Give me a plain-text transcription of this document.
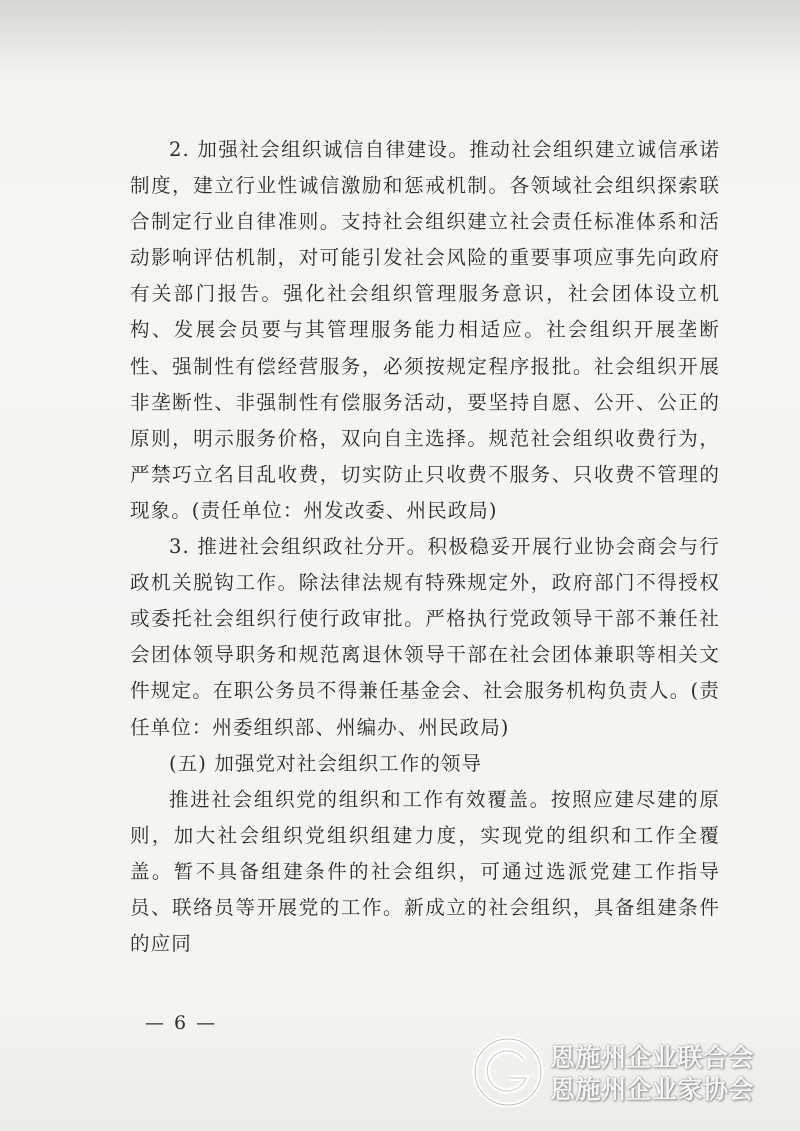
2. 加强社会组织诚信自律建设。推动社会组织建立诚信承诺制度，建立行业性诚信激励和惩戒机制。各领域社会组织探索联合制定行业自律准则。支持社会组织建立社会责任标准体系和活动影响评估机制，对可能引发社会风险的重要事项应事先向政府有关部门报告。强化社会组织管理服务意识，社会团体设立机构、发展会员要与其管理服务能力相适应。社会组织开展垄断性、强制性有偿经营服务，必须按规定程序报批。社会组织开展非垄断性、非强制性有偿服务活动，要坚持自愿、公开、公正的原则，明示服务价格，双向自主选择。规范社会组织收费行为，严禁巧立名目乱收费，切实防止只收费不服务、只收费不管理的现象。(责任单位：州发改委、州民政局)

3. 推进社会组织政社分开。积极稳妥开展行业协会商会与行政机关脱钩工作。除法律法规有特殊规定外，政府部门不得授权或委托社会组织行使行政审批。严格执行党政领导干部不兼任社会团体领导职务和规范离退休领导干部在社会团体兼职等相关文件规定。在职公务员不得兼任基金会、社会服务机构负责人。(责任单位：州委组织部、州编办、州民政局)

(五) 加强党对社会组织工作的领导

推进社会组织党的组织和工作有效覆盖。按照应建尽建的原则，加大社会组织党组织组建力度，实现党的组织和工作全覆盖。暂不具备组建条件的社会组织，可通过选派党建工作指导员、联络员等开展党的工作。新成立的社会组织，具备组建条件的应同

— 6 —
恩施州企业联合会
恩施州企业家协会
